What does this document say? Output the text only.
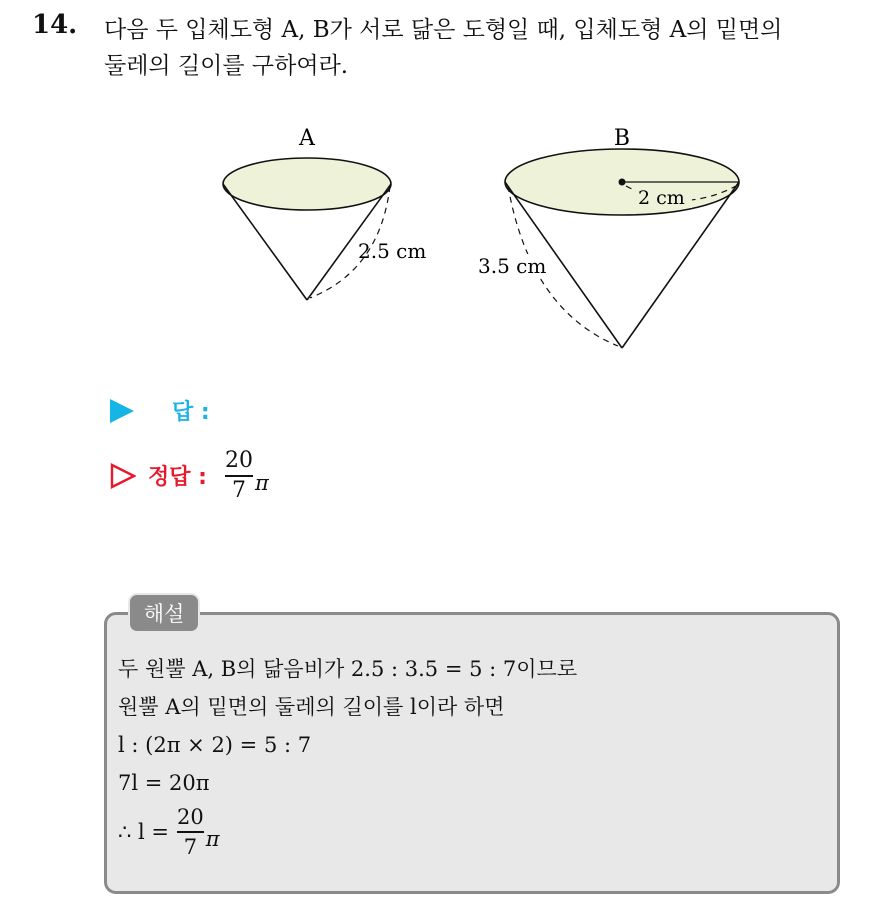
14. 다음 두 입체도형 A, B가 서로 닮은 도형일 때, 입체도형 A의 밑면의
둘레의 길이를 구하여라.
A
2.5 cm
B
2 cm
3.5 cm
답 :
정답 : $\frac{20}{7}$ π
해설
두 원뿔 A, B의 닮음비가 2.5 : 3.5 = 5 : 7이므로
원뿔 A의 밑면의 둘레의 길이를 l이라 하면
l : (2π × 2) = 5 : 7
7l = 20π
∴ $l = \frac{20}{7}$ π
